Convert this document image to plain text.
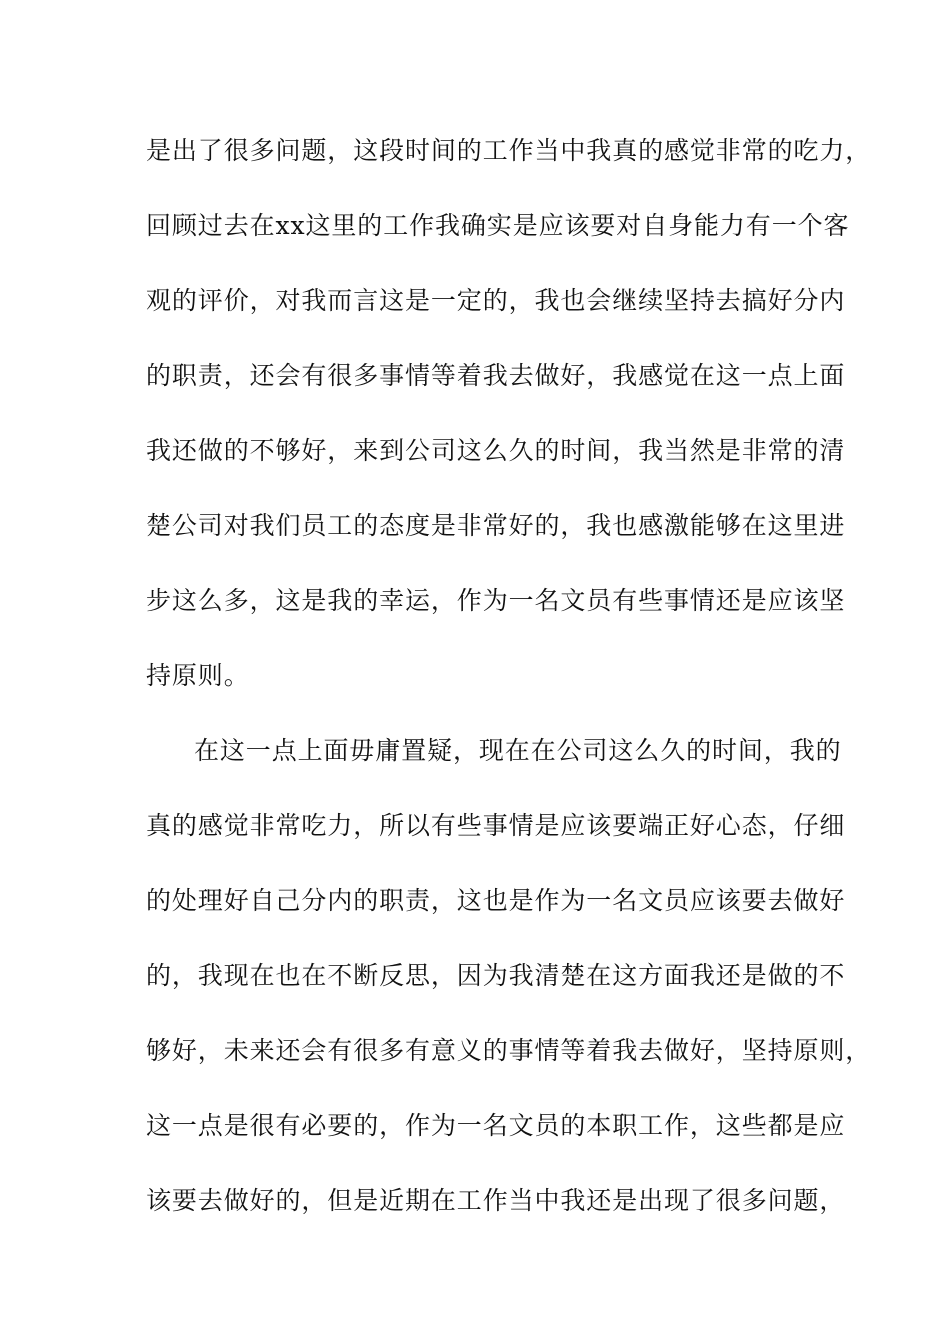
是出了很多问题，这段时间的工作当中我真的感觉非常的吃力，
回顾过去在xx这里的工作我确实是应该要对自身能力有一个客
观的评价，对我而言这是一定的，我也会继续坚持去搞好分内
的职责，还会有很多事情等着我去做好，我感觉在这一点上面
我还做的不够好，来到公司这么久的时间，我当然是非常的清
楚公司对我们员工的态度是非常好的，我也感激能够在这里进
步这么多，这是我的幸运，作为一名文员有些事情还是应该坚
持原则。
在这一点上面毋庸置疑，现在在公司这么久的时间，我的
真的感觉非常吃力，所以有些事情是应该要端正好心态，仔细
的处理好自己分内的职责，这也是作为一名文员应该要去做好
的，我现在也在不断反思，因为我清楚在这方面我还是做的不
够好，未来还会有很多有意义的事情等着我去做好，坚持原则，
这一点是很有必要的，作为一名文员的本职工作，这些都是应
该要去做好的，但是近期在工作当中我还是出现了很多问题，
